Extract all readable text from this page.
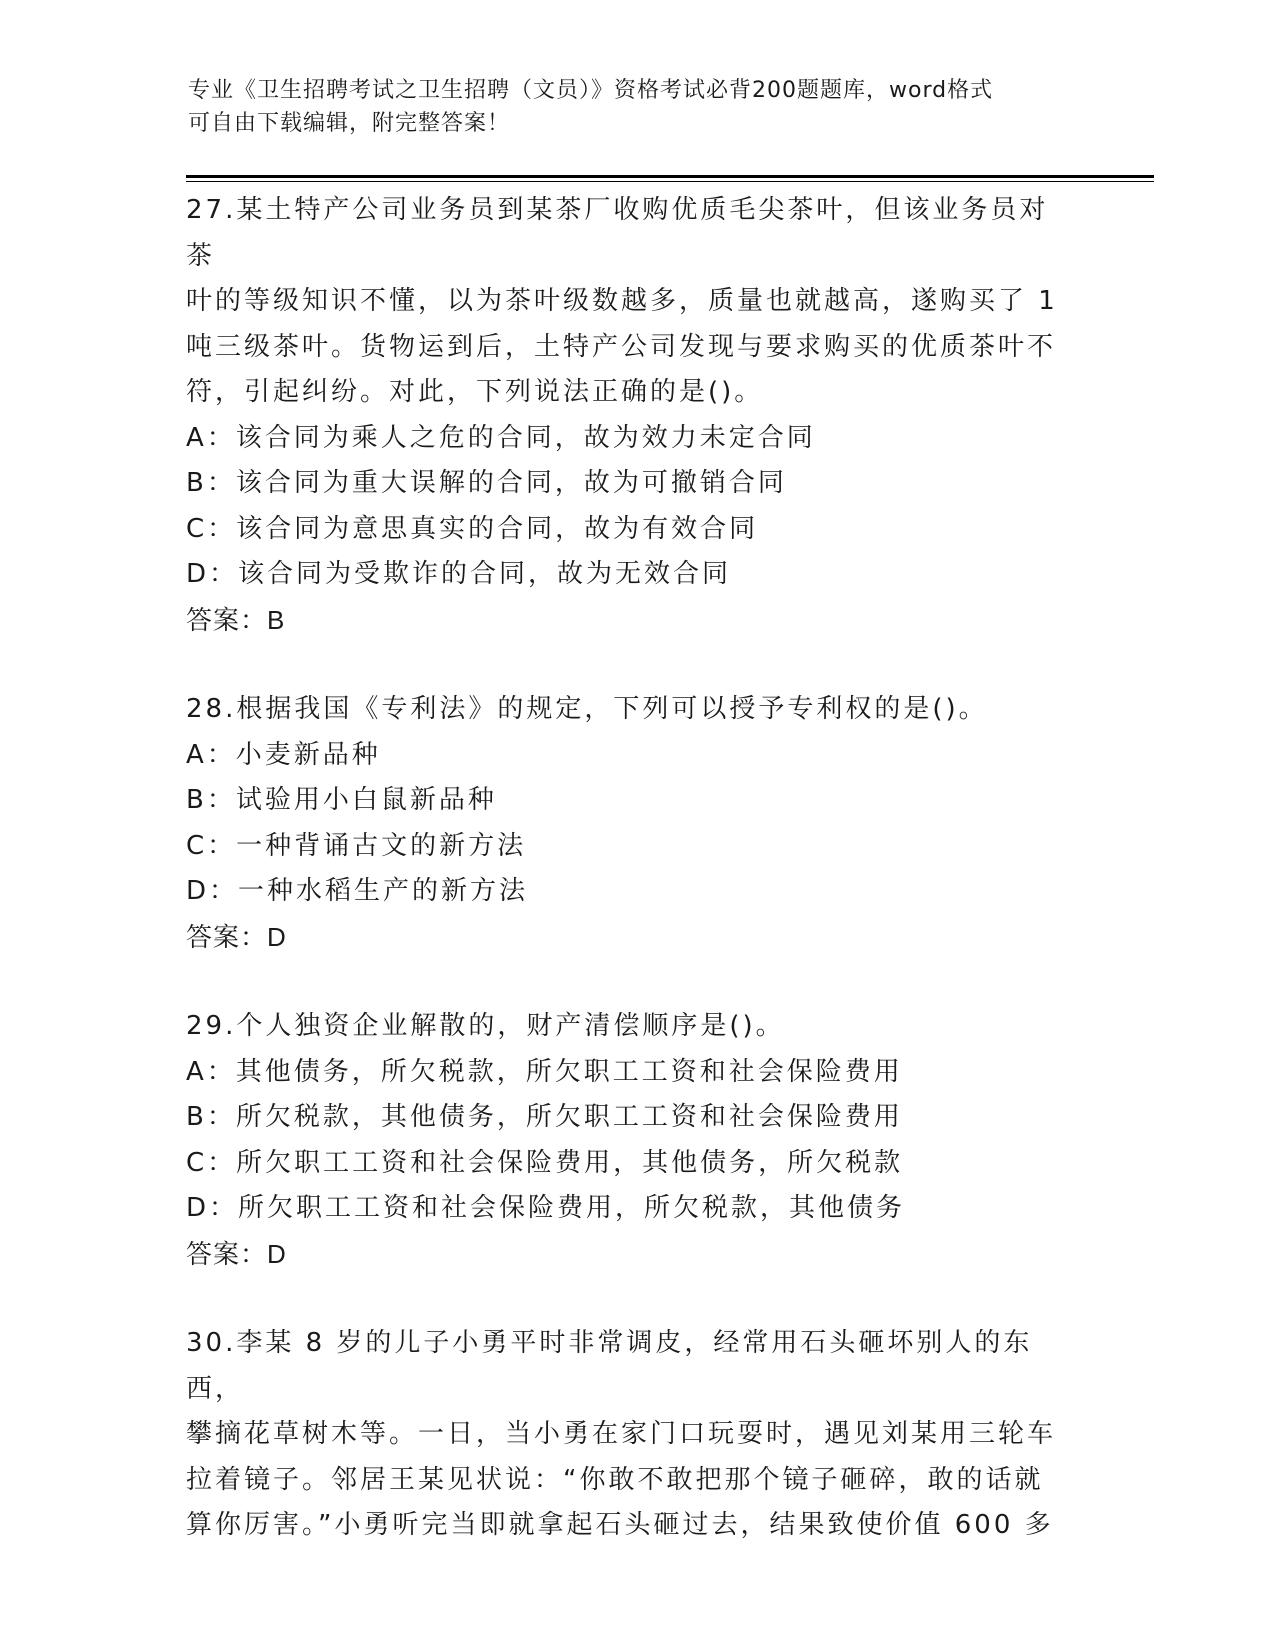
专业《卫生招聘考试之卫生招聘（文员）》资格考试必背200题题库，word格式
可自由下载编辑，附完整答案！

27.某土特产公司业务员到某茶厂收购优质毛尖茶叶，但该业务员对茶

叶的等级知识不懂，以为茶叶级数越多，质量也就越高，遂购买了 1

吨三级茶叶。货物运到后，土特产公司发现与要求购买的优质茶叶不

符，引起纠纷。对此，下列说法正确的是()。

A：该合同为乘人之危的合同，故为效力未定合同

B：该合同为重大误解的合同，故为可撤销合同

C：该合同为意思真实的合同，故为有效合同

D：该合同为受欺诈的合同，故为无效合同

答案：B

28.根据我国《专利法》的规定，下列可以授予专利权的是()。

A：小麦新品种

B：试验用小白鼠新品种

C：一种背诵古文的新方法

D：一种水稻生产的新方法

答案：D

29.个人独资企业解散的，财产清偿顺序是()。

A：其他债务，所欠税款，所欠职工工资和社会保险费用

B：所欠税款，其他债务，所欠职工工资和社会保险费用

C：所欠职工工资和社会保险费用，其他债务，所欠税款

D：所欠职工工资和社会保险费用，所欠税款，其他债务

答案：D

30.李某 8 岁的儿子小勇平时非常调皮，经常用石头砸坏别人的东西，

攀摘花草树木等。一日，当小勇在家门口玩耍时，遇见刘某用三轮车

拉着镜子。邻居王某见状说：“你敢不敢把那个镜子砸碎，敢的话就

算你厉害。”小勇听完当即就拿起石头砸过去，结果致使价值 600 多
